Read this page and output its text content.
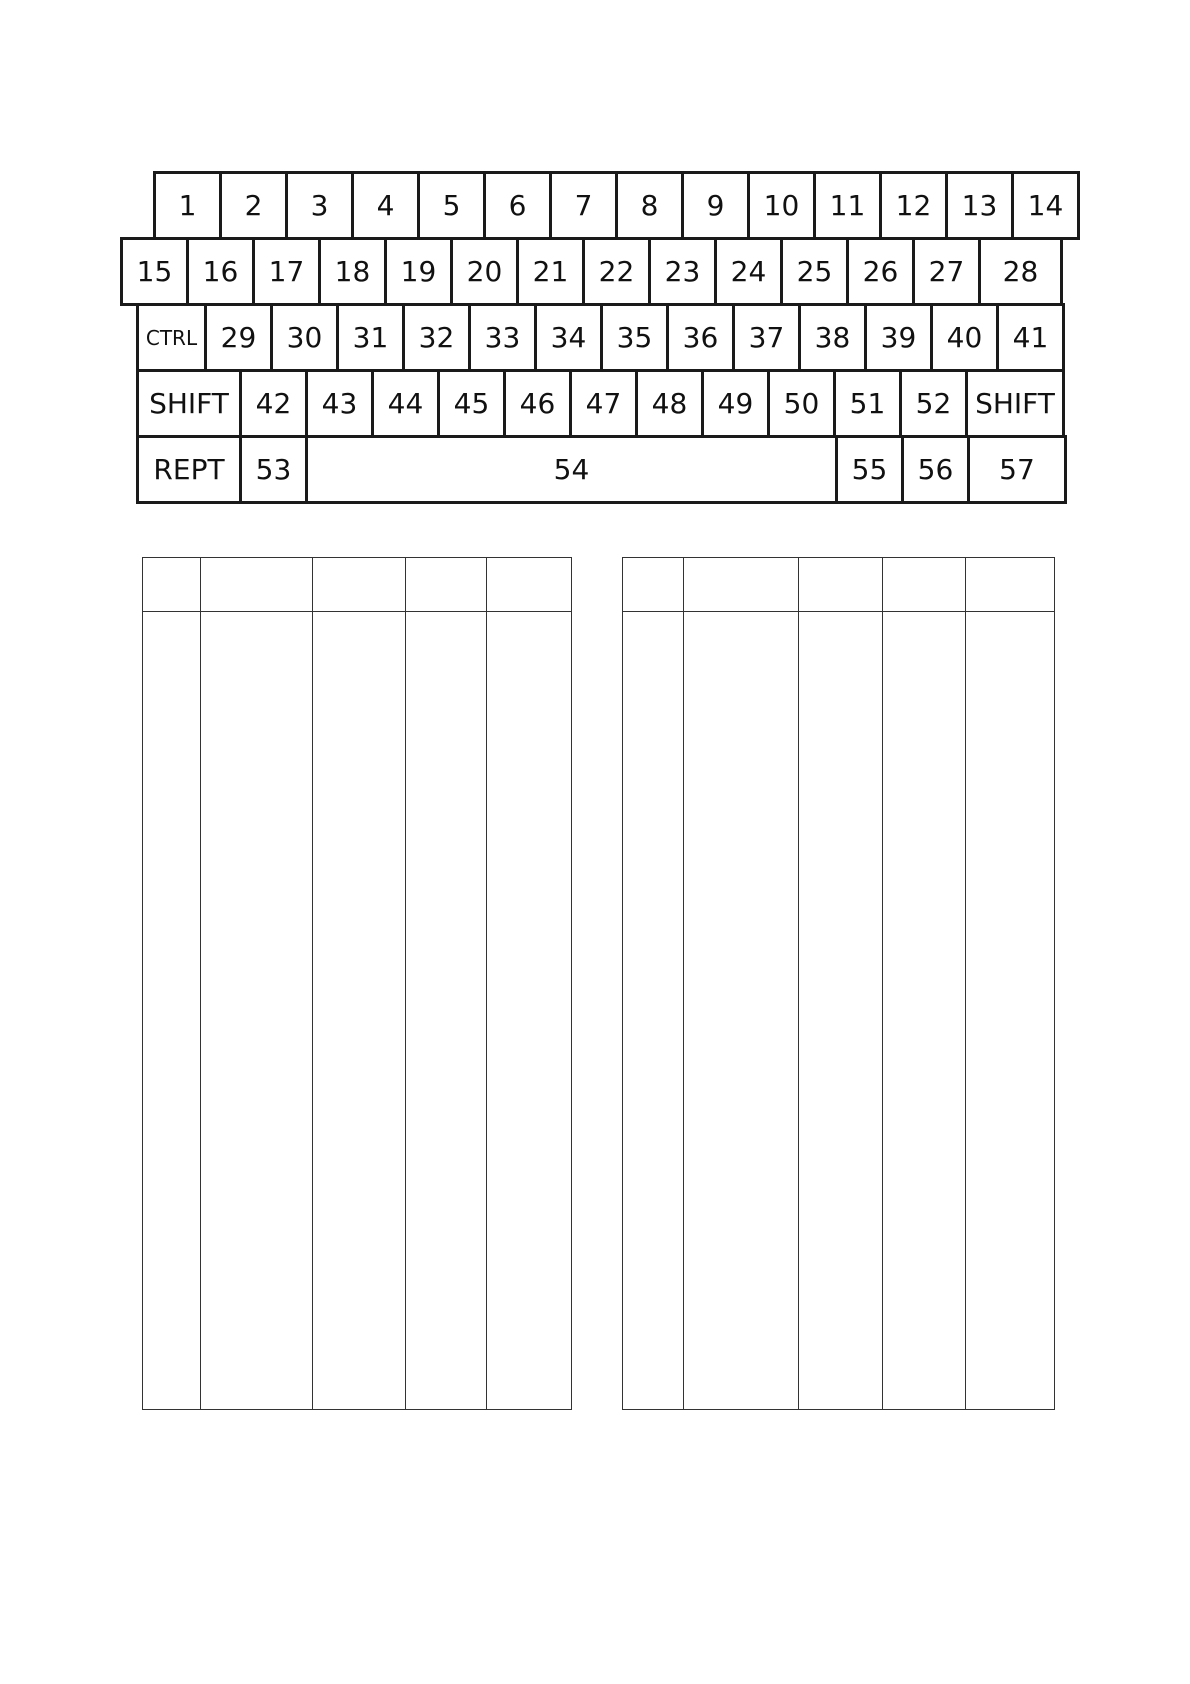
1	2	3	4	5	6	7	8	9	10	11	12	13	14
15	16	17	18	19	20	21	22	23	24	25	26	27	28
CTRL 29	30	31	32	33	34	35	36	37	38	39	40	41
SHIFT 42	43	44	45	46	47	48	49	50	51	52 SHIFT
REPT	53	54	55	56	57
